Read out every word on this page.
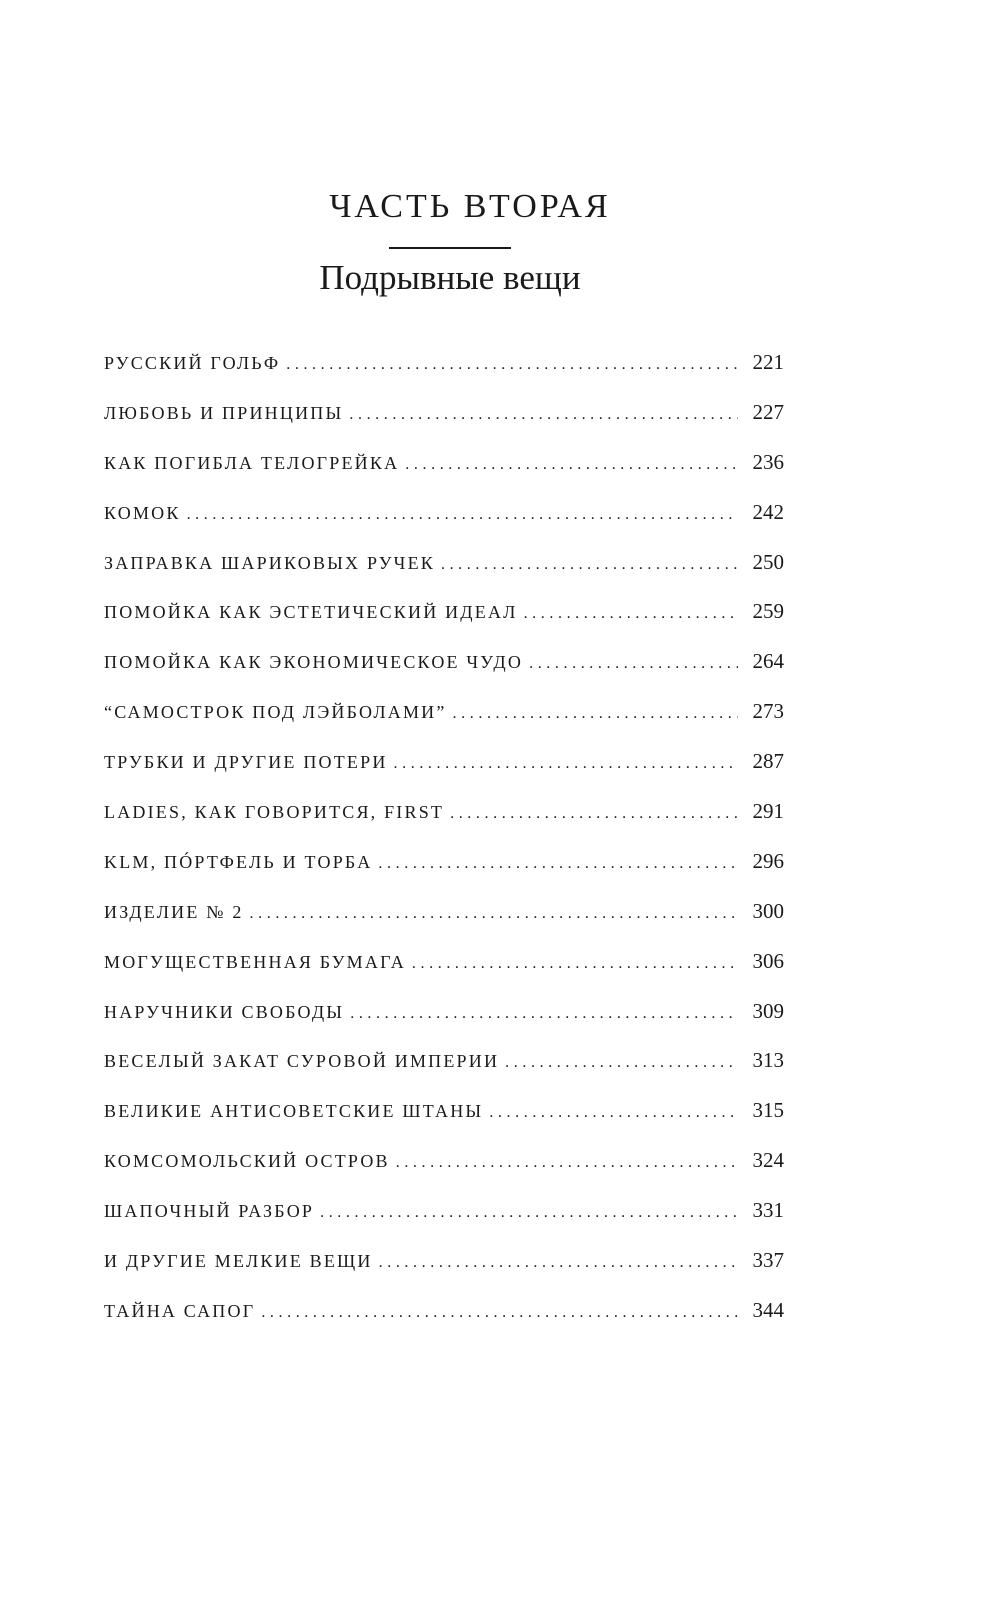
ЧАСТЬ ВТОРАЯ
Подрывные вещи
РУССКИЙ ГОЛЬФ . . .	221
ЛЮБОВЬ И ПРИНЦИПЫ . . .	227
КАК ПОГИБЛА ТЕЛОГРЕЙКА . . .	236
КОМОК . . .	242
ЗАПРАВКА ШАРИКОВЫХ РУЧЕК . . .	250
ПОМОЙКА КАК ЭСТЕТИЧЕСКИЙ ИДЕАЛ . . .	259
ПОМОЙКА КАК ЭКОНОМИЧЕСКОЕ ЧУДО . . .	264
“САМОСТРОК ПОД ЛЭЙБОЛАМИ” . . .	273
ТРУБКИ И ДРУГИЕ ПОТЕРИ . . .	287
LADIES, КАК ГОВОРИТСЯ, FIRST . . .	291
KLM, ПÓРТФЕЛЬ И ТОРБА . . .	296
ИЗДЕЛИЕ № 2 . . .	300
МОГУЩЕСТВЕННАЯ БУМАГА . . .	306
НАРУЧНИКИ СВОБОДЫ . . .	309
ВЕСЕЛЫЙ ЗАКАТ СУРОВОЙ ИМПЕРИИ . . .	313
ВЕЛИКИЕ АНТИСОВЕТСКИЕ ШТАНЫ . . .	315
КОМСОМОЛЬСКИЙ ОСТРОВ . . .	324
ШАПОЧНЫЙ РАЗБОР . . .	331
И ДРУГИЕ МЕЛКИЕ ВЕЩИ . . .	337
ТАЙНА САПОГ . . .	344
